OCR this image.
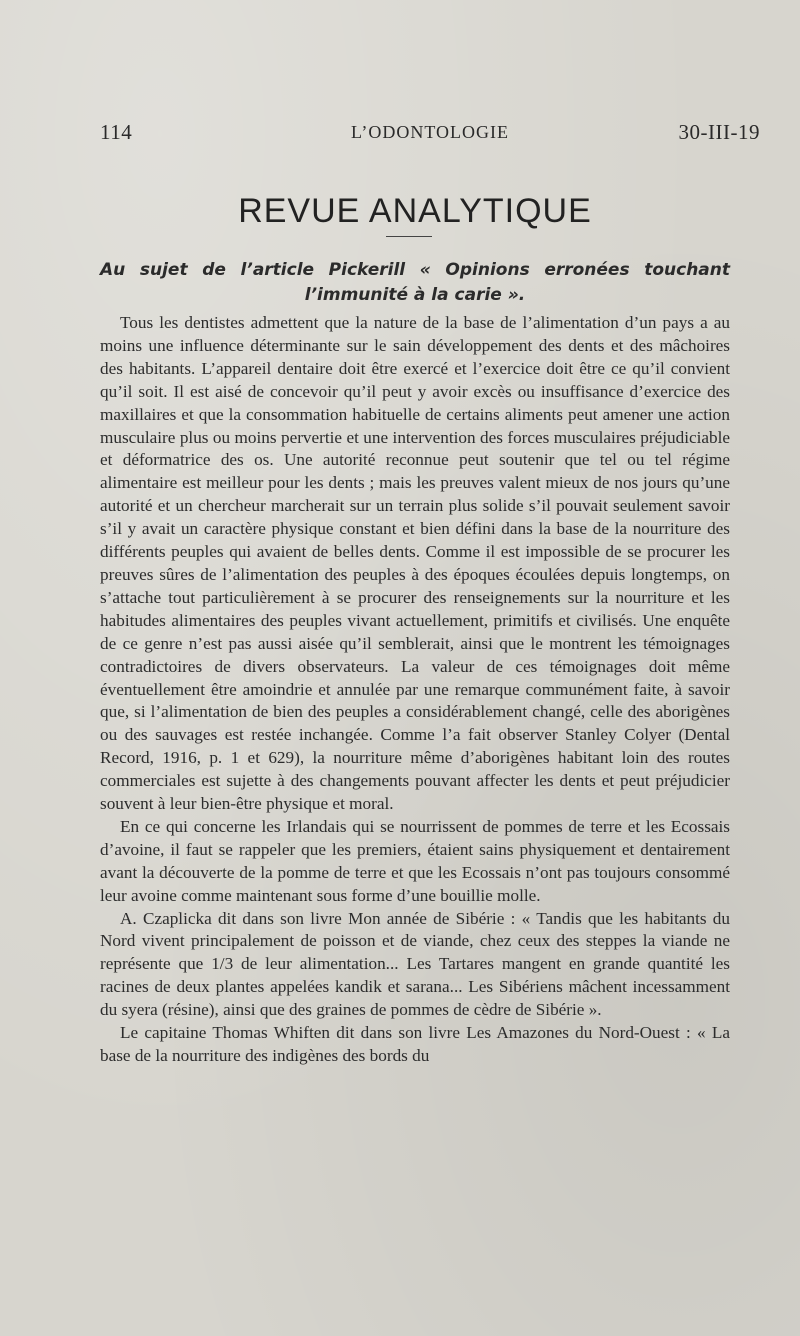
114	L’ODONTOLOGIE	30-III-19
REVUE ANALYTIQUE
Au sujet de l’article Pickerill « Opinions erronées touchant l’immunité à la carie ».

Tous les dentistes admettent que la nature de la base de l’alimentation d’un pays a au moins une influence déterminante sur le sain développement des dents et des mâchoires des habitants. L’appareil dentaire doit être exercé et l’exercice doit être ce qu’il convient qu’il soit. Il est aisé de concevoir qu’il peut y avoir excès ou insuffisance d’exercice des maxillaires et que la consommation habituelle de certains aliments peut amener une action musculaire plus ou moins pervertie et une intervention des forces musculaires préjudiciable et déformatrice des os. Une autorité reconnue peut soutenir que tel ou tel régime alimentaire est meilleur pour les dents ; mais les preuves valent mieux de nos jours qu’une autorité et un chercheur marcherait sur un terrain plus solide s’il pouvait seulement savoir s’il y avait un caractère physique constant et bien défini dans la base de la nourriture des différents peuples qui avaient de belles dents. Comme il est impossible de se procurer les preuves sûres de l’alimentation des peuples à des époques écoulées depuis longtemps, on s’attache tout particulièrement à se procurer des renseignements sur la nourriture et les habitudes alimentaires des peuples vivant actuellement, primitifs et civilisés. Une enquête de ce genre n’est pas aussi aisée qu’il semblerait, ainsi que le montrent les témoignages contradictoires de divers observateurs. La valeur de ces témoignages doit même éventuellement être amoindrie et annulée par une remarque communément faite, à savoir que, si l’alimentation de bien des peuples a considérablement changé, celle des aborigènes ou des sauvages est restée inchangée. Comme l’a fait observer Stanley Colyer (Dental Record, 1916, p. 1 et 629), la nourriture même d’aborigènes habitant loin des routes commerciales est sujette à des changements pouvant affecter les dents et peut préjudicier souvent à leur bien-être physique et moral.

En ce qui concerne les Irlandais qui se nourrissent de pommes de terre et les Ecossais d’avoine, il faut se rappeler que les premiers, étaient sains physiquement et dentairement avant la découverte de la pomme de terre et que les Ecossais n’ont pas toujours consommé leur avoine comme maintenant sous forme d’une bouillie molle.

A. Czaplicka dit dans son livre Mon année de Sibérie : « Tandis que les habitants du Nord vivent principalement de poisson et de viande, chez ceux des steppes la viande ne représente que 1/3 de leur alimentation... Les Tartares mangent en grande quantité les racines de deux plantes appelées kandik et sarana... Les Sibériens mâchent incessamment du syera (résine), ainsi que des graines de pommes de cèdre de Sibérie ».

Le capitaine Thomas Whiften dit dans son livre Les Amazones du Nord-Ouest : « La base de la nourriture des indigènes des bords du
